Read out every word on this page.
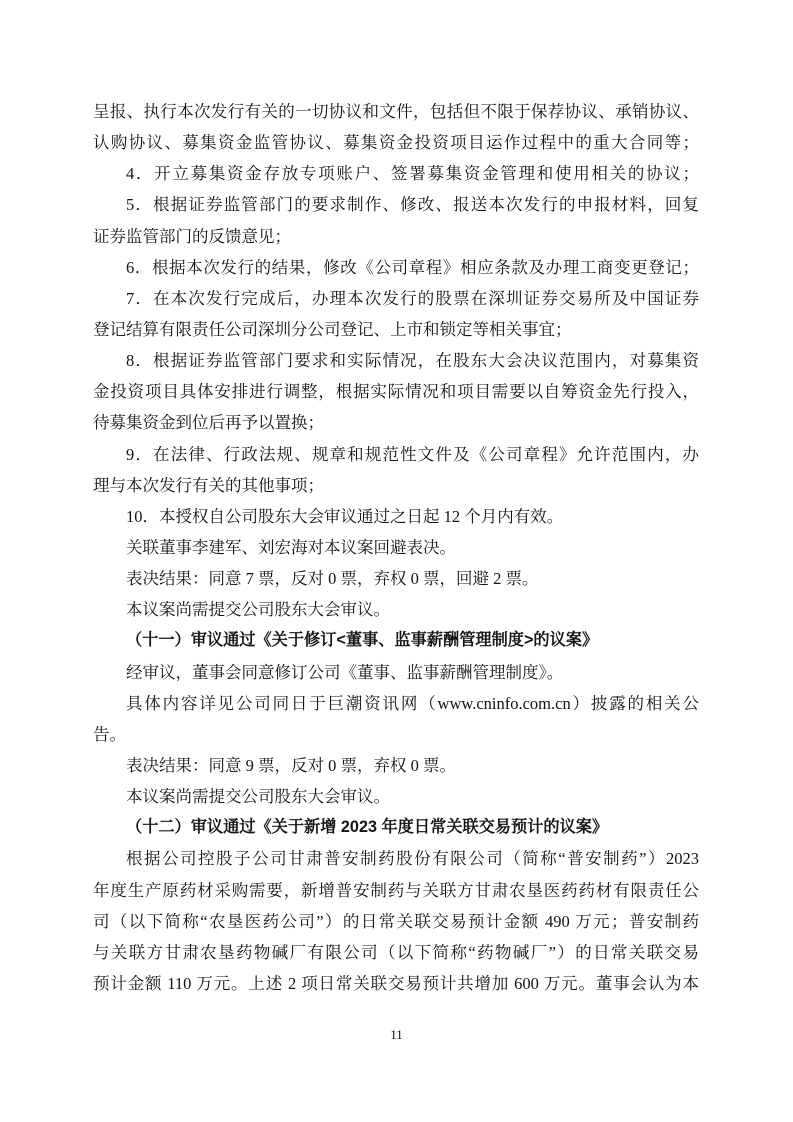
呈报、执行本次发行有关的一切协议和文件，包括但不限于保荐协议、承销协议、
认购协议、募集资金监管协议、募集资金投资项目运作过程中的重大合同等；
4．开立募集资金存放专项账户、签署募集资金管理和使用相关的协议；
5．根据证券监管部门的要求制作、修改、报送本次发行的申报材料，回复
证券监管部门的反馈意见；
6．根据本次发行的结果，修改《公司章程》相应条款及办理工商变更登记；
7．在本次发行完成后，办理本次发行的股票在深圳证券交易所及中国证券
登记结算有限责任公司深圳分公司登记、上市和锁定等相关事宜；
8．根据证券监管部门要求和实际情况，在股东大会决议范围内，对募集资
金投资项目具体安排进行调整，根据实际情况和项目需要以自筹资金先行投入，
待募集资金到位后再予以置换；
9．在法律、行政法规、规章和规范性文件及《公司章程》允许范围内，办
理与本次发行有关的其他事项；
10．本授权自公司股东大会审议通过之日起 12 个月内有效。
关联董事李建军、刘宏海对本议案回避表决。
表决结果：同意 7 票，反对 0 票，弃权 0 票，回避 2 票。
本议案尚需提交公司股东大会审议。
（十一）审议通过《关于修订<董事、监事薪酬管理制度>的议案》
经审议，董事会同意修订公司《董事、监事薪酬管理制度》。
具体内容详见公司同日于巨潮资讯网（www.cninfo.com.cn）披露的相关公
告。
表决结果：同意 9 票，反对 0 票，弃权 0 票。
本议案尚需提交公司股东大会审议。
（十二）审议通过《关于新增 2023 年度日常关联交易预计的议案》
根据公司控股子公司甘肃普安制药股份有限公司（简称“普安制药”）2023
年度生产原药材采购需要，新增普安制药与关联方甘肃农垦医药药材有限责任公
司（以下简称“农垦医药公司”）的日常关联交易预计金额 490 万元；普安制药
与关联方甘肃农垦药物碱厂有限公司（以下简称“药物碱厂”）的日常关联交易
预计金额 110 万元。上述 2 项日常关联交易预计共增加 600 万元。董事会认为本
11
